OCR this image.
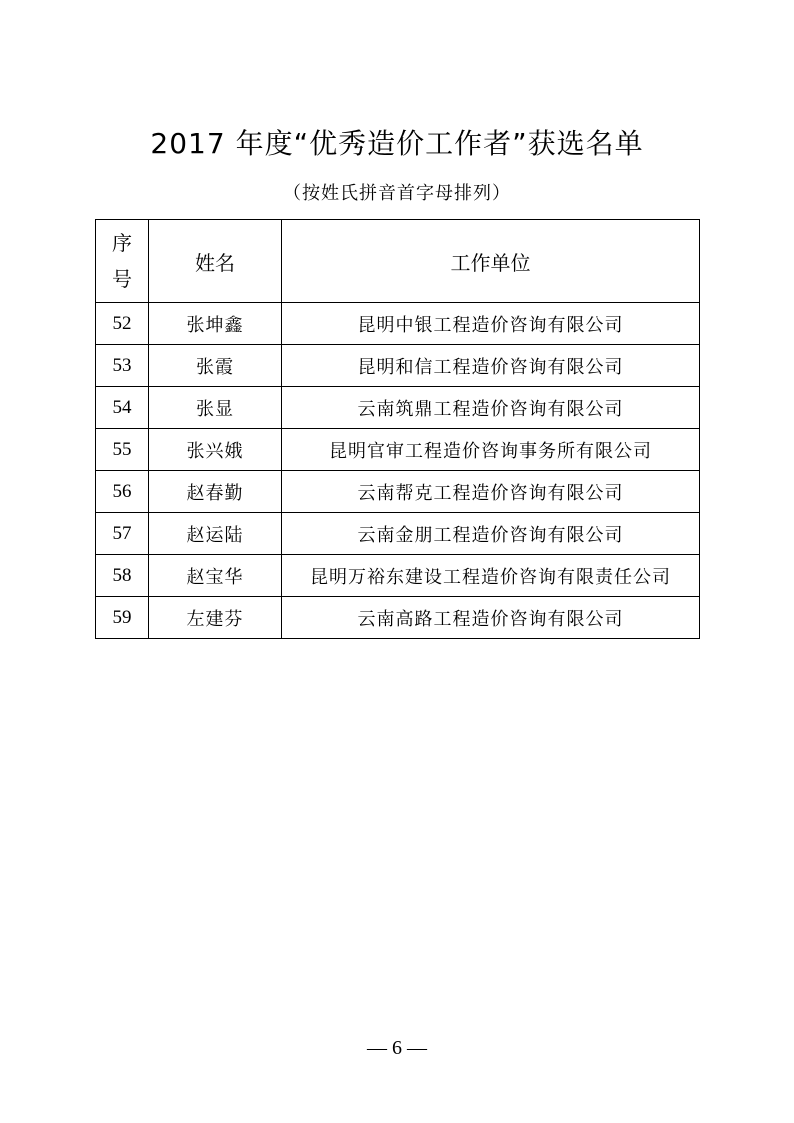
2017 年度“优秀造价工作者”获选名单
（按姓氏拼音首字母排列）
序号	姓名	工作单位
52	张坤鑫	昆明中银工程造价咨询有限公司
53	张霞	昆明和信工程造价咨询有限公司
54	张显	云南筑鼎工程造价咨询有限公司
55	张兴娥	昆明官审工程造价咨询事务所有限公司
56	赵春勤	云南帮克工程造价咨询有限公司
57	赵运陆	云南金朋工程造价咨询有限公司
58	赵宝华	昆明万裕东建设工程造价咨询有限责任公司
59	左建芬	云南高路工程造价咨询有限公司
— 6 —
